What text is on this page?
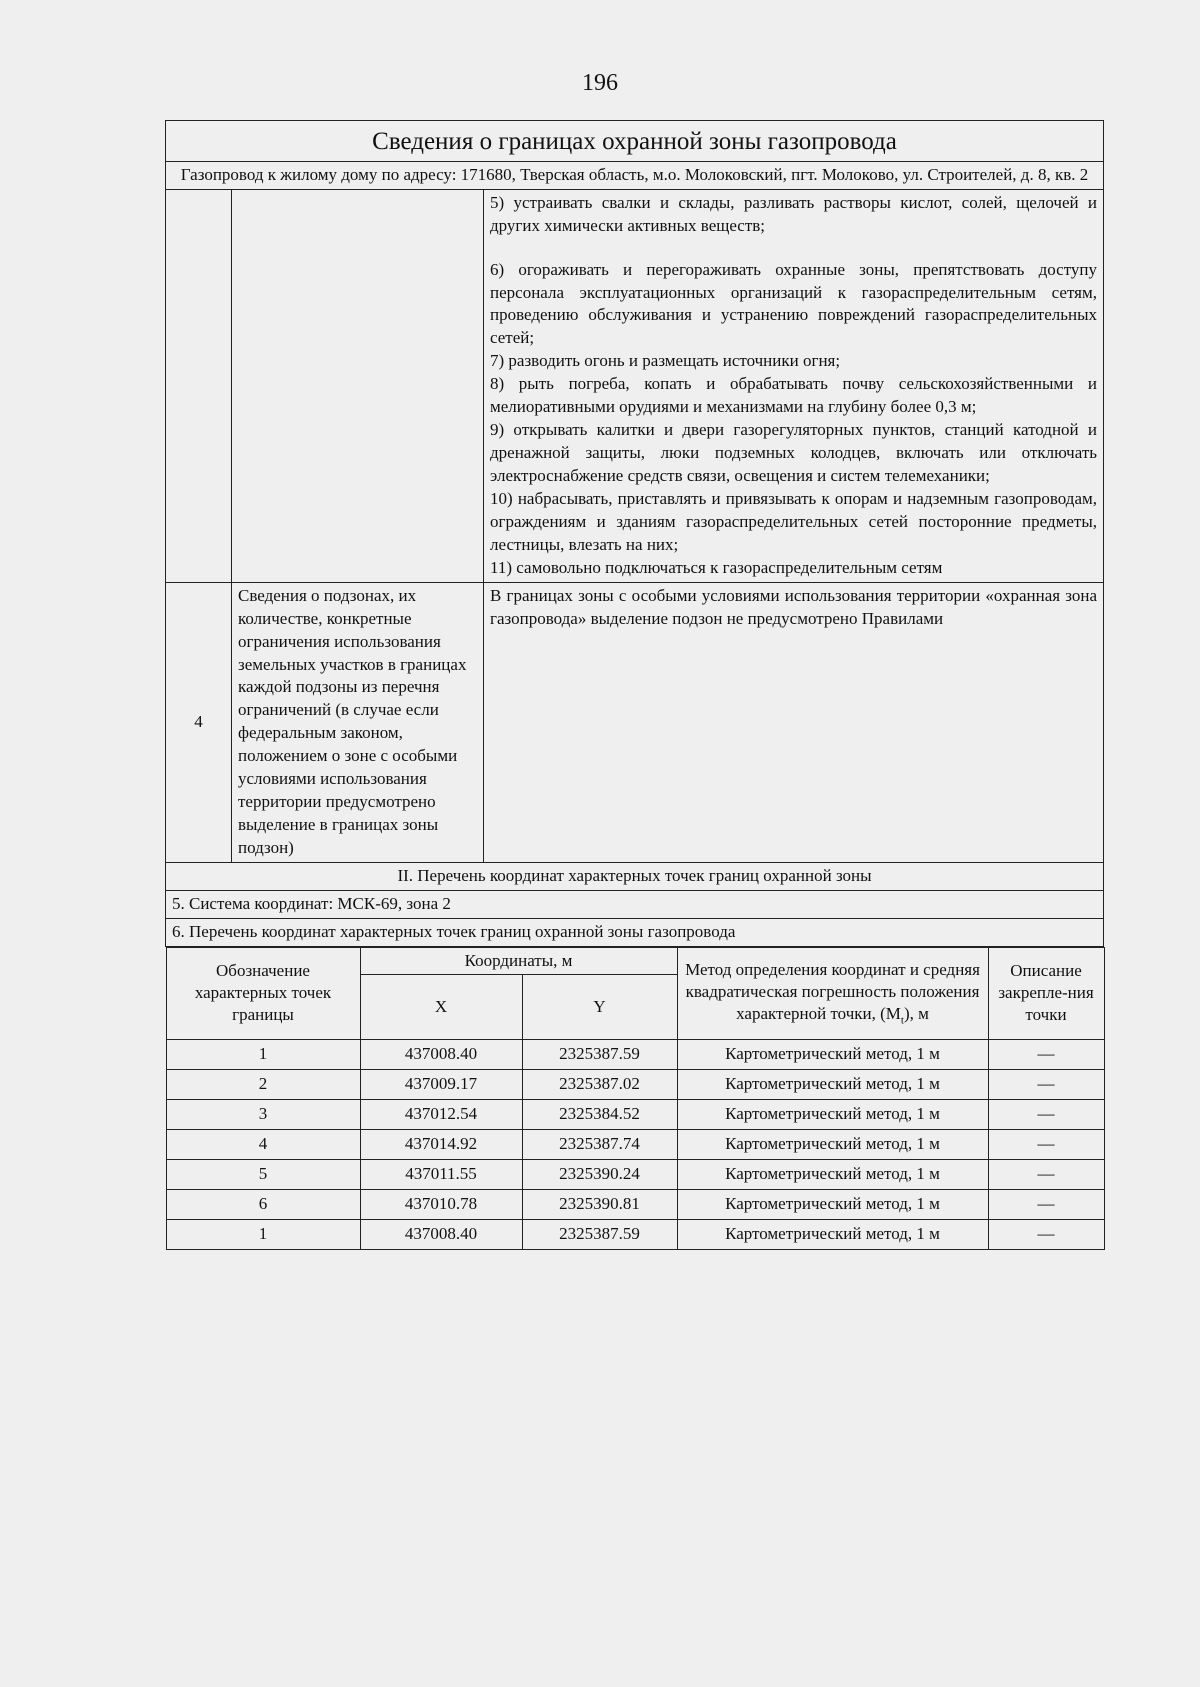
196
Сведения о границах охранной зоны газопровода
Газопровод к жилому дому по адресу: 171680, Тверская область, м.о. Молоковский, пгт. Молоково, ул. Строителей, д. 8, кв. 2

5) устраивать свалки и склады, разливать растворы кислот, солей, щелочей и других химически активных веществ;

6) огораживать и перегораживать охранные зоны, препятствовать доступу персонала эксплуатационных организаций к газораспределительным сетям, проведению обслуживания и устранению повреждений газораспределительных сетей;

7) разводить огонь и размещать источники огня;

8) рыть погреба, копать и обрабатывать почву сельскохозяйственными и мелиоративными орудиями и механизмами на глубину более 0,3 м;

9) открывать калитки и двери газорегуляторных пунктов, станций катодной и дренажной защиты, люки подземных колодцев, включать или отключать электроснабжение средств связи, освещения и систем телемеханики;

10) набрасывать, приставлять и привязывать к опорам и надземным газопроводам, ограждениям и зданиям газораспределительных сетей посторонние предметы, лестницы, влезать на них;

11) самовольно подключаться к газораспределительным сетям

4	Сведения о подзонах, их количестве, конкретные ограничения использования земельных участков в границах каждой подзоны из перечня ограничений (в случае если федеральным законом, положением о зоне с особыми условиями использования территории предусмотрено выделение в границах зоны подзон)	В границах зоны с особыми условиями использования территории «охранная зона газопровода» выделение подзон не предусмотрено Правилами
II. Перечень координат характерных точек границ охранной зоны
5. Система координат: МСК-69, зона 2
6. Перечень координат характерных точек границ охранной зоны газопровода

Обозначение характерных точек границы	Координаты, м	Метод определения координат и средняя квадратическая погрешность положения характерной точки, $(M_t)$, м	Описание закрепле-ния точки
X	Y
1	437008.40	2325387.59	Картометрический метод, 1 м	—
2	437009.17	2325387.02	Картометрический метод, 1 м	—
3	437012.54	2325384.52	Картометрический метод, 1 м	—
4	437014.92	2325387.74	Картометрический метод, 1 м	—
5	437011.55	2325390.24	Картометрический метод, 1 м	—
6	437010.78	2325390.81	Картометрический метод, 1 м	—
1	437008.40	2325387.59	Картометрический метод, 1 м	—
